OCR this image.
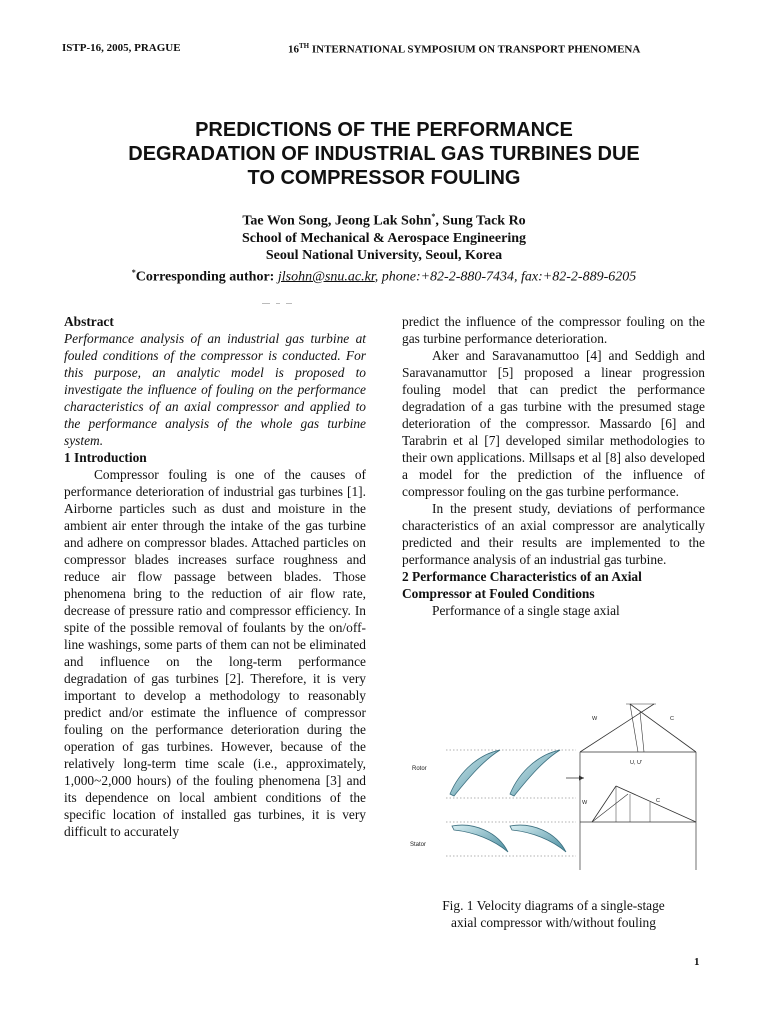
ISTP-16, 2005, PRAGUE	16TH INTERNATIONAL SYMPOSIUM ON TRANSPORT PHENOMENA
PREDICTIONS OF THE PERFORMANCE
DEGRADATION OF INDUSTRIAL GAS TURBINES DUE
TO COMPRESSOR FOULING
Tae Won Song, Jeong Lak Sohn*, Sung Tack Ro
School of Mechanical & Aerospace Engineering
Seoul National University, Seoul, Korea
*Corresponding author: jlsohn@snu.ac.kr, phone:+82-2-880-7434, fax:+82-2-889-6205

Abstract

Performance analysis of an industrial gas turbine at fouled conditions of the compressor is conducted. For this purpose, an analytic model is proposed to investigate the influence of fouling on the performance characteristics of an axial compressor and applied to the performance analysis of the whole gas turbine system.

1 Introduction

Compressor fouling is one of the causes of performance deterioration of industrial gas turbines [1]. Airborne particles such as dust and moisture in the ambient air enter through the intake of the gas turbine and adhere on compressor blades. Attached particles on compressor blades increases surface roughness and reduce air flow passage between blades. Those phenomena bring to the reduction of air flow rate, decrease of pressure ratio and compressor efficiency. In spite of the possible removal of foulants by the on/off-line washings, some parts of them can not be eliminated and influence on the long-term performance degradation of gas turbines [2]. Therefore, it is very important to develop a methodology to reasonably predict and/or estimate the influence of compressor fouling on the performance deterioration during the operation of gas turbines. However, because of the relatively long-term time scale (i.e., approximately, 1,000~2,000 hours) of the fouling phenomena [3] and its dependence on local ambient conditions of the specific location of installed gas turbines, it is very difficult to accurately

predict the influence of the compressor fouling on the gas turbine performance deterioration.

Aker and Saravanamuttoo [4] and Seddigh and Saravanamuttor [5] proposed a linear progression fouling model that can predict the performance degradation of a gas turbine with the presumed stage deterioration of the compressor. Massardo [6] and Tarabrin et al [7] developed similar methodologies to their own applications. Millsaps et al [8] also developed a model for the prediction of the influence of compressor fouling on the gas turbine performance.

In the present study, deviations of performance characteristics of an axial compressor are analytically predicted and their results are implemented to the performance analysis of an industrial gas turbine.

2 Performance Characteristics of an Axial Compressor at Fouled Conditions

Performance of a single stage axial

Rotor
Stator
W	C
U, U'
W	C
Fig. 1 Velocity diagrams of a single-stage
axial compressor with/without fouling
1
